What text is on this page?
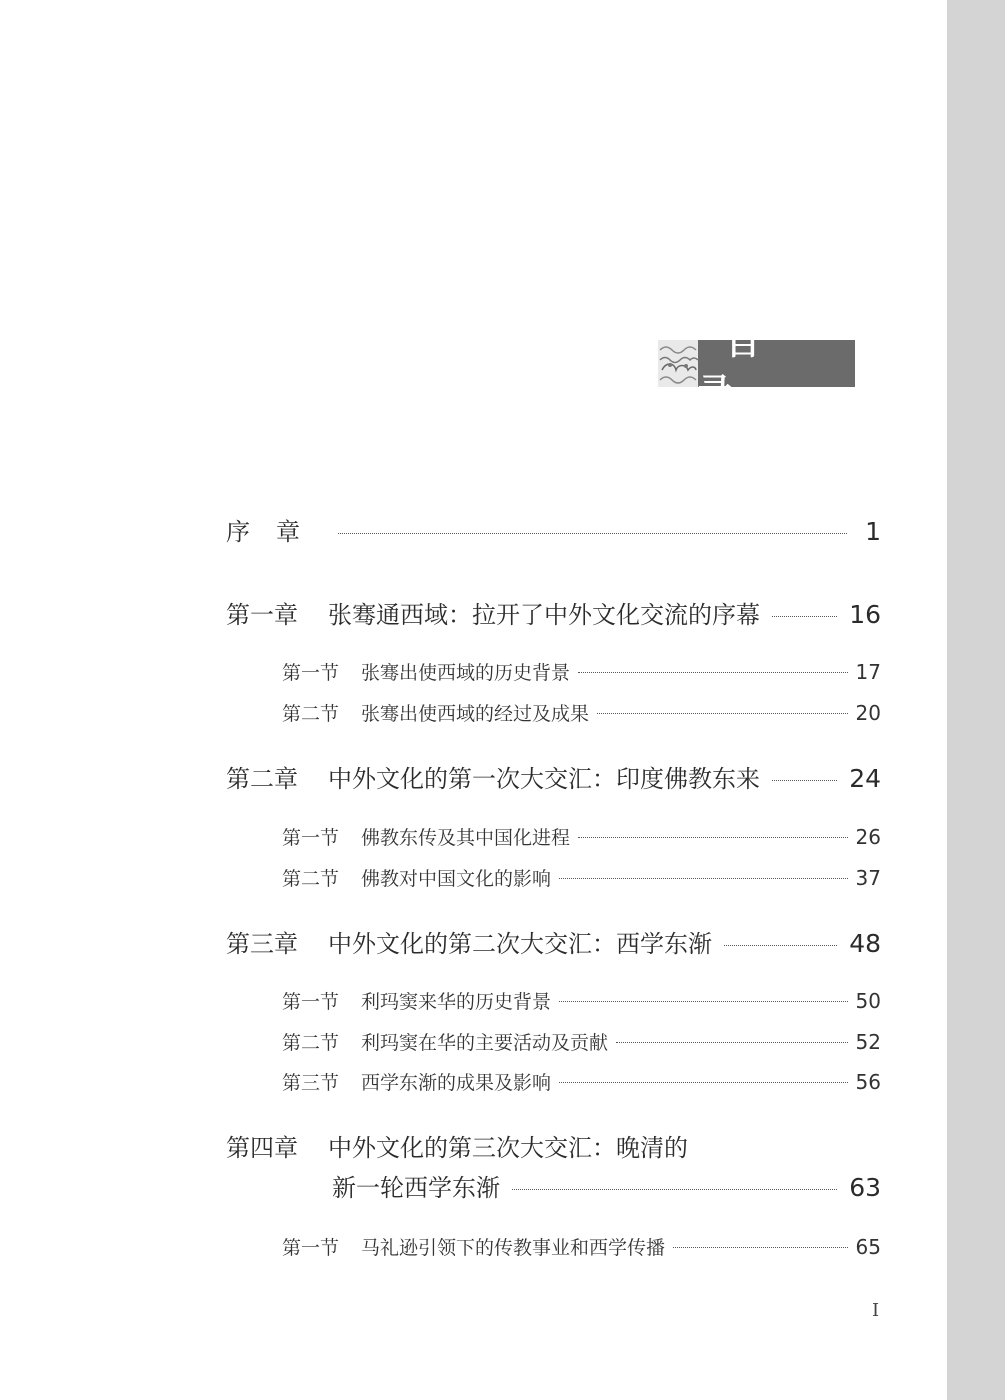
目 录
序章	1
第一章 张骞通西域：拉开了中外文化交流的序幕	16
第一节 张骞出使西域的历史背景	17
第二节 张骞出使西域的经过及成果	20
第二章 中外文化的第一次大交汇：印度佛教东来	24
第一节 佛教东传及其中国化进程	26
第二节 佛教对中国文化的影响	37
第三章 中外文化的第二次大交汇：西学东渐	48
第一节 利玛窦来华的历史背景	50
第二节 利玛窦在华的主要活动及贡献	52
第三节 西学东渐的成果及影响	56
第四章 中外文化的第三次大交汇：晚清的
新一轮西学东渐	63
第一节 马礼逊引领下的传教事业和西学传播	65
I
